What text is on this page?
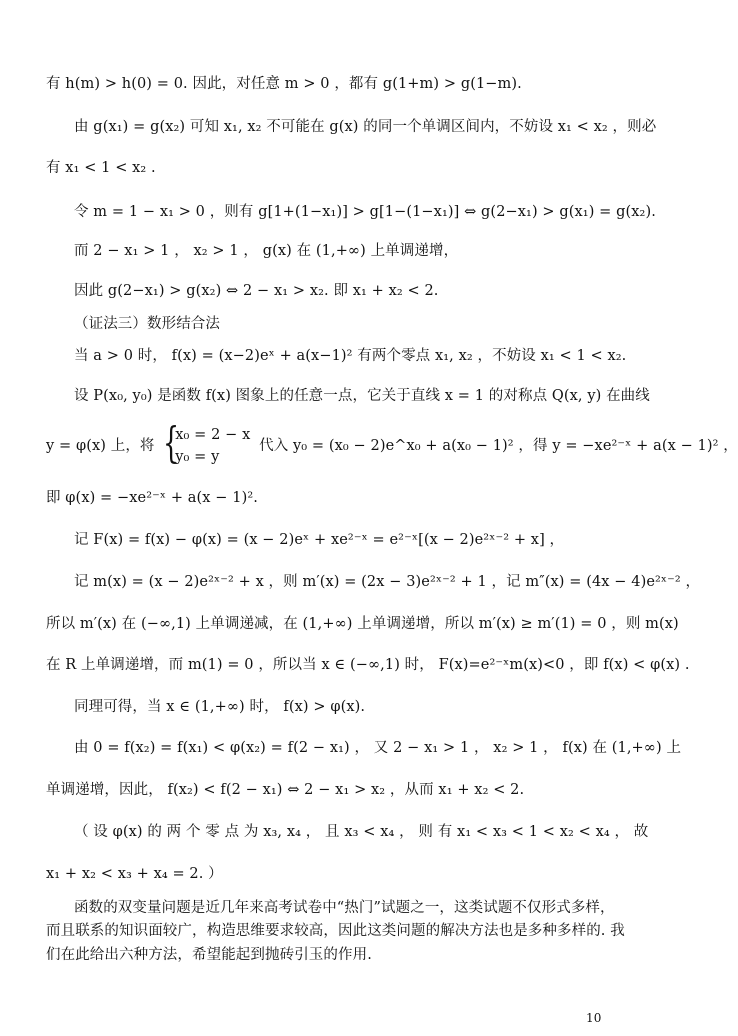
有 h(m) > h(0) = 0. 因此，对任意 m > 0 ，都有 g(1+m) > g(1−m).
由 g(x₁) = g(x₂) 可知 x₁, x₂ 不可能在 g(x) 的同一个单调区间内，不妨设 x₁ < x₂ ，则必
有 x₁ < 1 < x₂ .
令 m = 1 − x₁ > 0 ，则有 g[1+(1−x₁)] > g[1−(1−x₁)] ⇔ g(2−x₁) > g(x₁) = g(x₂).
而 2 − x₁ > 1 ， x₂ > 1 ， g(x) 在 (1,+∞) 上单调递增，
因此 g(2−x₁) > g(x₂) ⇔ 2 − x₁ > x₂. 即 x₁ + x₂ < 2.
（证法三）数形结合法
当 a > 0 时， f(x) = (x−2)eˣ + a(x−1)² 有两个零点 x₁, x₂ ，不妨设 x₁ < 1 < x₂.
设 P(x₀, y₀) 是函数 f(x) 图象上的任意一点，它关于直线 x = 1 的对称点 Q(x, y) 在曲线
y = φ(x) 上，将 {
x₀ = 2 − x
y₀ = y
代入 y₀ = (x₀ − 2)e^x₀ + a(x₀ − 1)² ，得 y = −xe²⁻ˣ + a(x − 1)² ，
即 φ(x) = −xe²⁻ˣ + a(x − 1)².
记 F(x) = f(x) − φ(x) = (x − 2)eˣ + xe²⁻ˣ = e²⁻ˣ[(x − 2)e²ˣ⁻² + x] ，
记 m(x) = (x − 2)e²ˣ⁻² + x ，则 m′(x) = (2x − 3)e²ˣ⁻² + 1 ，记 m″(x) = (4x − 4)e²ˣ⁻² ，
所以 m′(x) 在 (−∞,1) 上单调递减，在 (1,+∞) 上单调递增，所以 m′(x) ≥ m′(1) = 0 ，则 m(x)
在 R 上单调递增，而 m(1) = 0 ，所以当 x ∈ (−∞,1) 时， F(x)=e²⁻ˣm(x)<0 ，即 f(x) < φ(x) .
同理可得，当 x ∈ (1,+∞) 时， f(x) > φ(x).
由 0 = f(x₂) = f(x₁) < φ(x₂) = f(2 − x₁) ， 又 2 − x₁ > 1 ， x₂ > 1 ， f(x) 在 (1,+∞) 上
单调递增，因此， f(x₂) < f(2 − x₁) ⇔ 2 − x₁ > x₂ ，从而 x₁ + x₂ < 2.
（ 设 φ(x) 的 两 个 零 点 为 x₃, x₄ ， 且 x₃ < x₄ ， 则 有 x₁ < x₃ < 1 < x₂ < x₄ ， 故
x₁ + x₂ < x₃ + x₄ = 2. ）
函数的双变量问题是近几年来高考试卷中“热门”试题之一，这类试题不仅形式多样，
而且联系的知识面较广，构造思维要求较高，因此这类问题的解决方法也是多种多样的. 我
们在此给出六种方法，希望能起到抛砖引玉的作用.
10
